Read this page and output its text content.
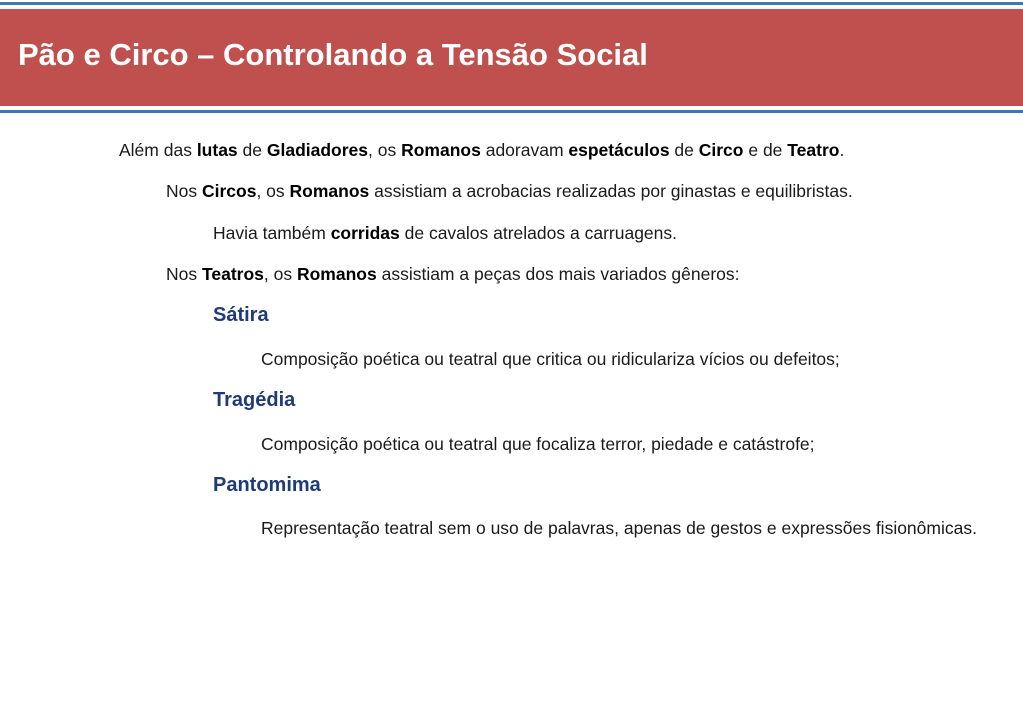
Pão e Circo – Controlando a Tensão Social
Além das lutas de Gladiadores, os Romanos adoravam espetáculos de Circo e de Teatro.
Nos Circos, os Romanos assistiam a acrobacias realizadas por ginastas e equilibristas.
Havia também corridas de cavalos atrelados a carruagens.
Nos Teatros, os Romanos assistiam a peças dos mais variados gêneros:
Sátira
Composição poética ou teatral que critica ou ridiculariza vícios ou defeitos;
Tragédia
Composição poética ou teatral que focaliza terror, piedade e catástrofe;
Pantomima
Representação teatral sem o uso de palavras, apenas de gestos e expressões fisionômicas.
